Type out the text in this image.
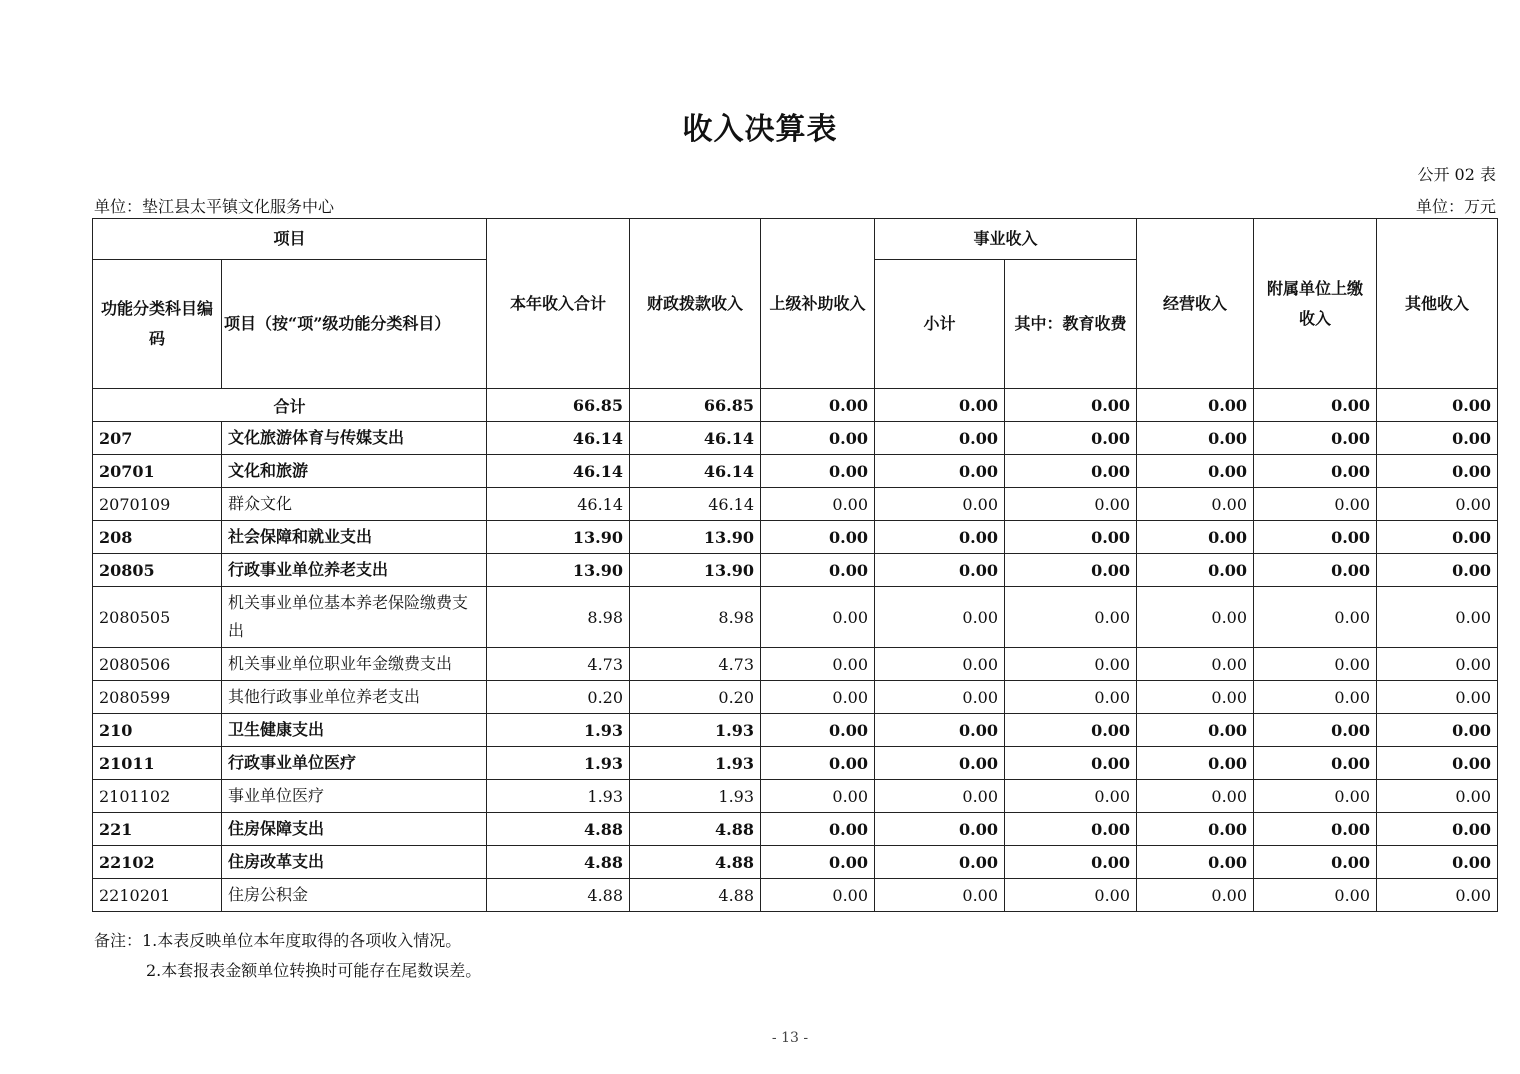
收入决算表
公开 02 表
单位：垫江县太平镇文化服务中心	单位：万元
项目		本年收入合计	财政拨款收入	上级补助收入	事业收入		经营收入	附属单位上缴收入	其他收入
功能分类科目编码	项目（按“项”级功能分类科目）				小计	其中：教育收费			
合计		66.85	66.85	0.00	0.00	0.00	0.00	0.00	0.00
207	文化旅游体育与传媒支出	46.14	46.14	0.00	0.00	0.00	0.00	0.00	0.00
20701	文化和旅游	46.14	46.14	0.00	0.00	0.00	0.00	0.00	0.00
2070109	群众文化	46.14	46.14	0.00	0.00	0.00	0.00	0.00	0.00
208	社会保障和就业支出	13.90	13.90	0.00	0.00	0.00	0.00	0.00	0.00
20805	行政事业单位养老支出	13.90	13.90	0.00	0.00	0.00	0.00	0.00	0.00
2080505	机关事业单位基本养老保险缴费支出	8.98	8.98	0.00	0.00	0.00	0.00	0.00	0.00
2080506	机关事业单位职业年金缴费支出	4.73	4.73	0.00	0.00	0.00	0.00	0.00	0.00
2080599	其他行政事业单位养老支出	0.20	0.20	0.00	0.00	0.00	0.00	0.00	0.00
210	卫生健康支出	1.93	1.93	0.00	0.00	0.00	0.00	0.00	0.00
21011	行政事业单位医疗	1.93	1.93	0.00	0.00	0.00	0.00	0.00	0.00
2101102	事业单位医疗	1.93	1.93	0.00	0.00	0.00	0.00	0.00	0.00
221	住房保障支出	4.88	4.88	0.00	0.00	0.00	0.00	0.00	0.00
22102	住房改革支出	4.88	4.88	0.00	0.00	0.00	0.00	0.00	0.00
2210201	住房公积金	4.88	4.88	0.00	0.00	0.00	0.00	0.00	0.00
备注：1.本表反映单位本年度取得的各项收入情况。
2.本套报表金额单位转换时可能存在尾数误差。
- 13 -
